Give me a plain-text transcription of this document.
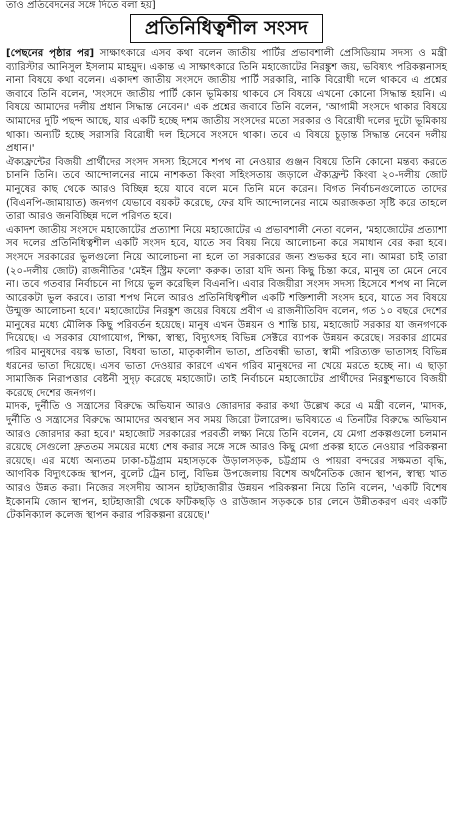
তাও প্রতিবেদনের সঙ্গে দিতে বলা হয়]
প্রতিনিধিত্বশীল সংসদ

[পেছনের পৃষ্ঠার পর] সাক্ষাৎকারে এসব কথা বলেন জাতীয় পার্টির প্রভাবশালী প্রেসিডিয়াম সদস্য ও মন্ত্রী ব্যারিস্টার আনিসুল ইসলাম মাহমুদ। একান্ত এ সাক্ষাৎকারে তিনি মহাজোটের নিরঙ্কুশ জয়, ভবিষ্যৎ পরিকল্পনাসহ নানা বিষয়ে কথা বলেন। একাদশ জাতীয় সংসদে জাতীয় পার্টি সরকারি, নাকি বিরোধী দলে থাকবে এ প্রশ্নের জবাবে তিনি বলেন, 'সংসদে জাতীয় পার্টি কোন ভূমিকায় থাকবে সে বিষয়ে এখনো কোনো সিদ্ধান্ত হয়নি। এ বিষয়ে আমাদের দলীয় প্রধান সিদ্ধান্ত নেবেন।' এক প্রশ্নের জবাবে তিনি বলেন, 'আগামী সংসদে থাকার বিষয়ে আমাদের দুটি পছন্দ আছে, যার একটি হচ্ছে দশম জাতীয় সংসদের মতো সরকার ও বিরোধী দলের দুটো ভূমিকায় থাকা। অন্যটি হচ্ছে সরাসরি বিরোধী দল হিসেবে সংসদে থাকা। তবে এ বিষয়ে চূড়ান্ত সিদ্ধান্ত নেবেন দলীয় প্রধান।'

ঐক্যফ্রন্টের বিজয়ী প্রার্থীদের সংসদ সদস্য হিসেবে শপথ না নেওয়ার গুঞ্জন বিষয়ে তিনি কোনো মন্তব্য করতে চাননি তিনি। তবে আন্দোলনের নামে নাশকতা কিংবা সহিংসতায় জড়ালে ঐক্যফ্রন্ট কিংবা ২০-দলীয় জোট মানুষের কাছ থেকে আরও বিচ্ছিন্ন হয়ে যাবে বলে মনে তিনি মনে করেন। বিগত নির্বাচনগুলোতে তাদের (বিএনপি-জামায়াত) জনগণ যেভাবে বয়কট করেছে, ফের যদি আন্দোলনের নামে অরাজকতা সৃষ্টি করে তাহলে তারা আরও জনবিচ্ছিন্ন দলে পরিণত হবে।

একাদশ জাতীয় সংসদে মহাজোটের প্রত্যাশা নিয়ে মহাজোটের এ প্রভাবশালী নেতা বলেন, 'মহাজোটের প্রত্যাশা সব দলের প্রতিনিধিত্বশীল একটি সংসদ হবে, যাতে সব বিষয় নিয়ে আলোচনা করে সমাধান বের করা হবে। সংসদে সরকারের ভুলগুলো নিয়ে আলোচনা না হলে তা সরকারের জন্য শুভকর হবে না। আমরা চাই তারা (২০-দলীয় জোট) রাজনীতির 'মেইন স্ট্রিম ফলো' করুক। তারা যদি অন্য কিছু চিন্তা করে, মানুষ তা মেনে নেবে না। তবে গতবার নির্বাচনে না গিয়ে ভুল করেছিল বিএনপি। এবার বিজয়ীরা সংসদ সদস্য হিসেবে শপথ না নিলে আরেকটা ভুল করবে। তারা শপথ নিলে আরও প্রতিনিধিত্বশীল একটি শক্তিশালী সংসদ হবে, যাতে সব বিষয়ে উন্মুক্ত আলোচনা হবে।' মহাজোটের নিরঙ্কুশ জয়ের বিষয়ে প্রবীণ এ রাজনীতিবিদ বলেন, গত ১০ বছরে দেশের মানুষের মধ্যে মৌলিক কিছু পরিবর্তন হয়েছে। মানুষ এখন উন্নয়ন ও শান্তি চায়, মহাজোট সরকার যা জনগণকে দিয়েছে। এ সরকার যোগাযোগ, শিক্ষা, স্বাস্থ্য, বিদ্যুৎসহ বিভিন্ন সেক্টরে ব্যাপক উন্নয়ন করেছে। সরকার গ্রামের গরিব মানুষদের বয়স্ক ভাতা, বিধবা ভাতা, মাতৃকালীন ভাতা, প্রতিবন্ধী ভাতা, স্বামী পরিত্যক্ত ভাতাসহ বিভিন্ন ধরনের ভাতা দিয়েছে। এসব ভাতা দেওয়ার কারণে এখন গরিব মানুষদের না খেয়ে মরতে হচ্ছে না। এ ছাড়া সামাজিক নিরাপত্তার বেষ্টনী সুদৃঢ় করেছে মহাজোট। তাই নির্বাচনে মহাজোটের প্রার্থীদের নিরঙ্কুশভাবে বিজয়ী করেছে দেশের জনগণ।

মাদক, দুর্নীতি ও সন্ত্রাসের বিরুদ্ধে অভিযান আরও জোরদার করার কথা উল্লেখ করে এ মন্ত্রী বলেন, 'মাদক, দুর্নীতি ও সন্ত্রাসের বিরুদ্ধে আমাদের অবস্থান সব সময় জিরো টলারেন্স। ভবিষ্যতে এ তিনটির বিরুদ্ধে অভিযান আরও জোরদার করা হবে।' মহাজোট সরকারের পরবর্তী লক্ষ্য নিয়ে তিনি বলেন, যে মেগা প্রকল্পগুলো চলমান রয়েছে সেগুলো দ্রুততম সময়ের মধ্যে শেষ করার সঙ্গে সঙ্গে আরও কিছু মেগা প্রকল্প হাতে নেওয়ার পরিকল্পনা রয়েছে। এর মধ্যে অন্যতম ঢাকা-চট্টগ্রাম মহাসড়কে উড়ালসড়ক, চট্টগ্রাম ও পায়রা বন্দরের সক্ষমতা বৃদ্ধি, আণবিক বিদ্যুৎকেন্দ্র স্থাপন, বুলেট ট্রেন চালু, বিভিন্ন উপজেলায় বিশেষ অর্থনৈতিক জোন স্থাপন, স্বাস্থ্য খাত আরও উন্নত করা। নিজের সংসদীয় আসন হাটহাজারীর উন্নয়ন পরিকল্পনা নিয়ে তিনি বলেন, 'একটি বিশেষ ইকোনমি জোন স্থাপন, হাটহাজারী থেকে ফটিকছড়ি ও রাউজান সড়ককে চার লেনে উন্নীতকরণ এবং একটি টেকনিক্যাল কলেজ স্থাপন করার পরিকল্পনা রয়েছে।'
